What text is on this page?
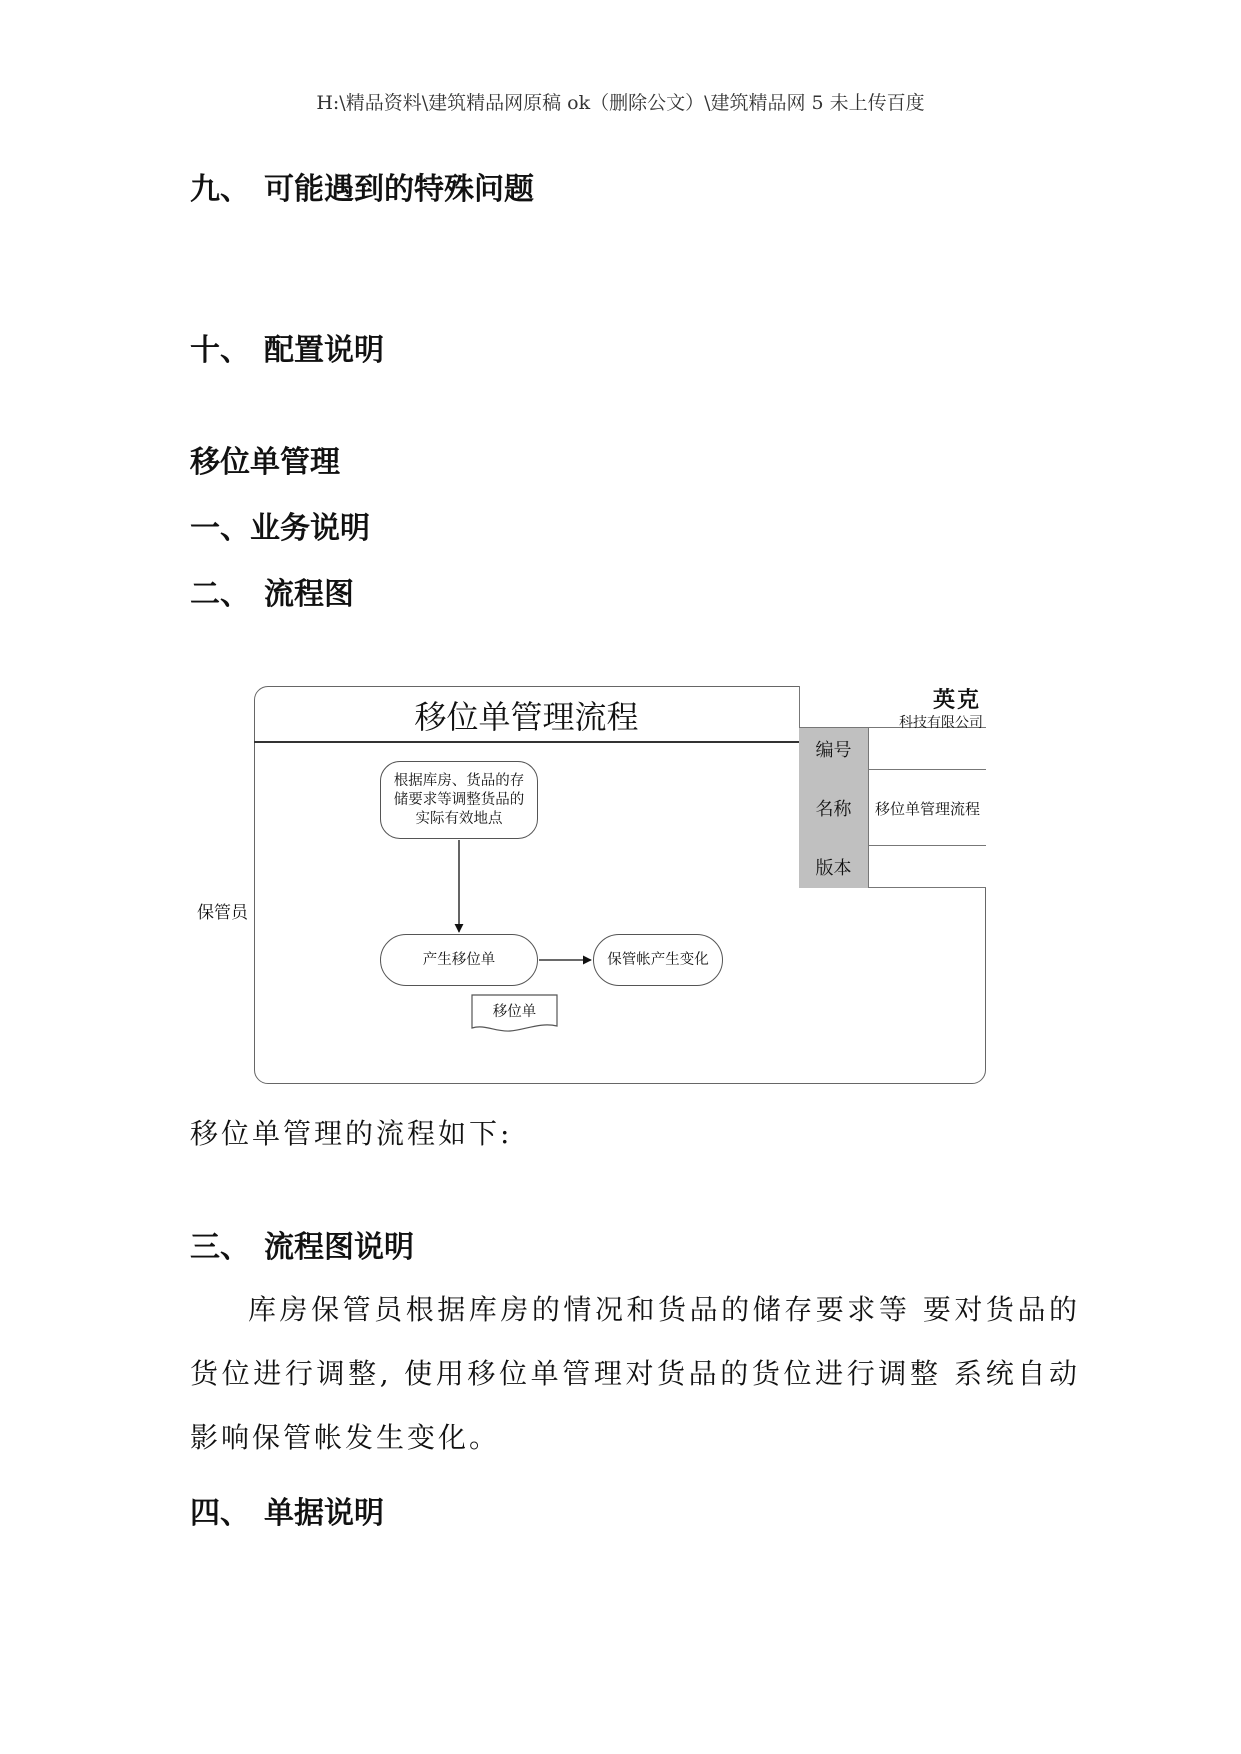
H:\精品资料\建筑精品网原稿 ok（删除公文）\建筑精品网 5 未上传百度
九、 可能遇到的特殊问题
十、 配置说明
移位单管理
一、业务说明
二、 流程图
移位单管理流程	英克
科技有限公司
编号
名称	移位单管理流程
版本
保管员
根据库房、货品的存储要求等调整货品的实际有效地点
产生移位单	保管帐产生变化
移位单
移位单管理的流程如下:
三、 流程图说明
库房保管员根据库房的情况和货品的储存要求等 要对货品的货位进行调整, 使用移位单管理对货品的货位进行调整 系统自动影响保管帐发生变化。
四、 单据说明
